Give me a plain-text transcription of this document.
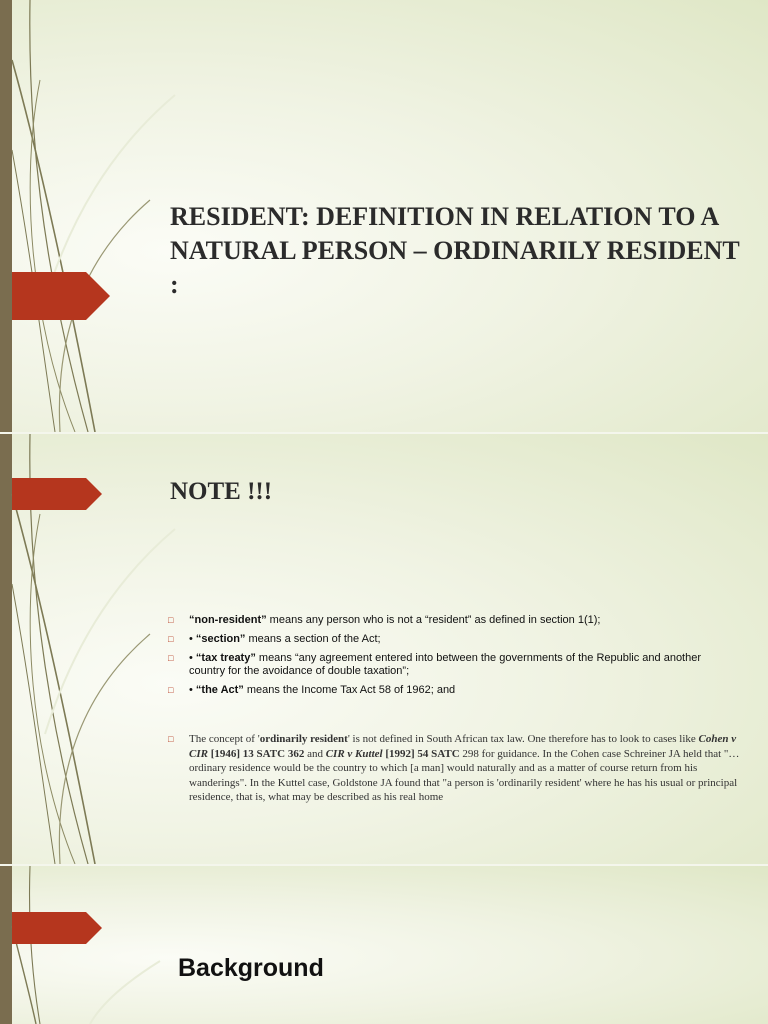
RESIDENT: DEFINITION IN RELATION TO A NATURAL PERSON – ORDINARILY RESIDENT :
NOTE !!!
□ “non-resident” means any person who is not a “resident” as defined in section 1(1);
□ • “section” means a section of the Act;
□ • “tax treaty” means “any agreement entered into between the governments of the Republic and another country for the avoidance of double taxation”;
□ • “the Act” means the Income Tax Act 58 of 1962; and
□ The concept of 'ordinarily resident' is not defined in South African tax law. One therefore has to look to cases like Cohen v CIR [1946] 13 SATC 362 and CIR v Kuttel [1992] 54 SATC 298 for guidance. In the Cohen case Schreiner JA held that "… ordinary residence would be the country to which [a man] would naturally and as a matter of course return from his wanderings". In the Kuttel case, Goldstone JA found that "a person is 'ordinarily resident' where he has his usual or principal residence, that is, what may be described as his real home
Background
